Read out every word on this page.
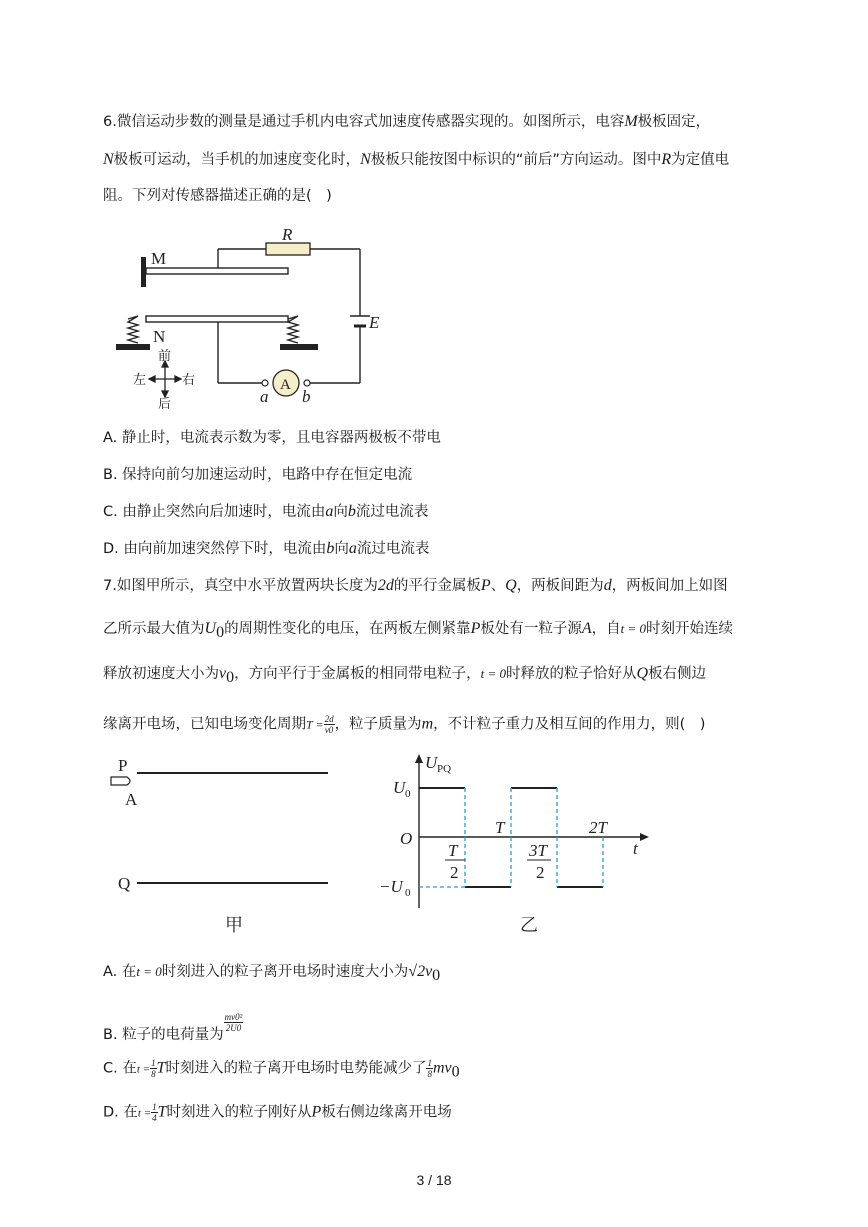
6.微信运动步数的测量是通过手机内电容式加速度传感器实现的。如图所示，电容M极板固定，
N极板可运动，当手机的加速度变化时，N极板只能按图中标识的“前后”方向运动。图中R为定值电
阻。下列对传感器描述正确的是(　)
R
M
N
E
A
a b
前
后
左	右
A. 静止时，电流表示数为零，且电容器两极板不带电
B. 保持向前匀加速运动时，电路中存在恒定电流
C. 由静止突然向后加速时，电流由a向b流过电流表
D. 由向前加速突然停下时，电流由b向a流过电流表
7.如图甲所示，真空中水平放置两块长度为2d的平行金属板P、Q，两板间距为d，两板间加上如图
乙所示最大值为$U_0$的周期性变化的电压，在两板左侧紧靠P板处有一粒子源A，自t = 0时刻开始连续
释放初速度大小为$v_0$，方向平行于金属板的相同带电粒子，t = 0时释放的粒子恰好从Q板右侧边
缘离开电场，已知电场变化周期$T = \frac{2d}{v0}$ ，粒子质量为m，不计粒子重力及相互间的作用力，则(　)
P
A
Q
甲
U PQ
U 0
−U 0
O
t
T	2T
T
2
3T
2
乙
A. 在t = 0时刻进入的粒子离开电场时速度大小为$√2v_0$
B. 粒子的电荷量为
$\frac{\text{mv0²}}{2U0}$
C. 在$t = \frac{1}{8}$ T时刻进入的粒子离开电场时电势能减少了 $\frac{1}{8} mv_0$
D. 在$t = \frac{1}{4}$ T时刻进入的粒子刚好从P板右侧边缘离开电场
3 / 18
